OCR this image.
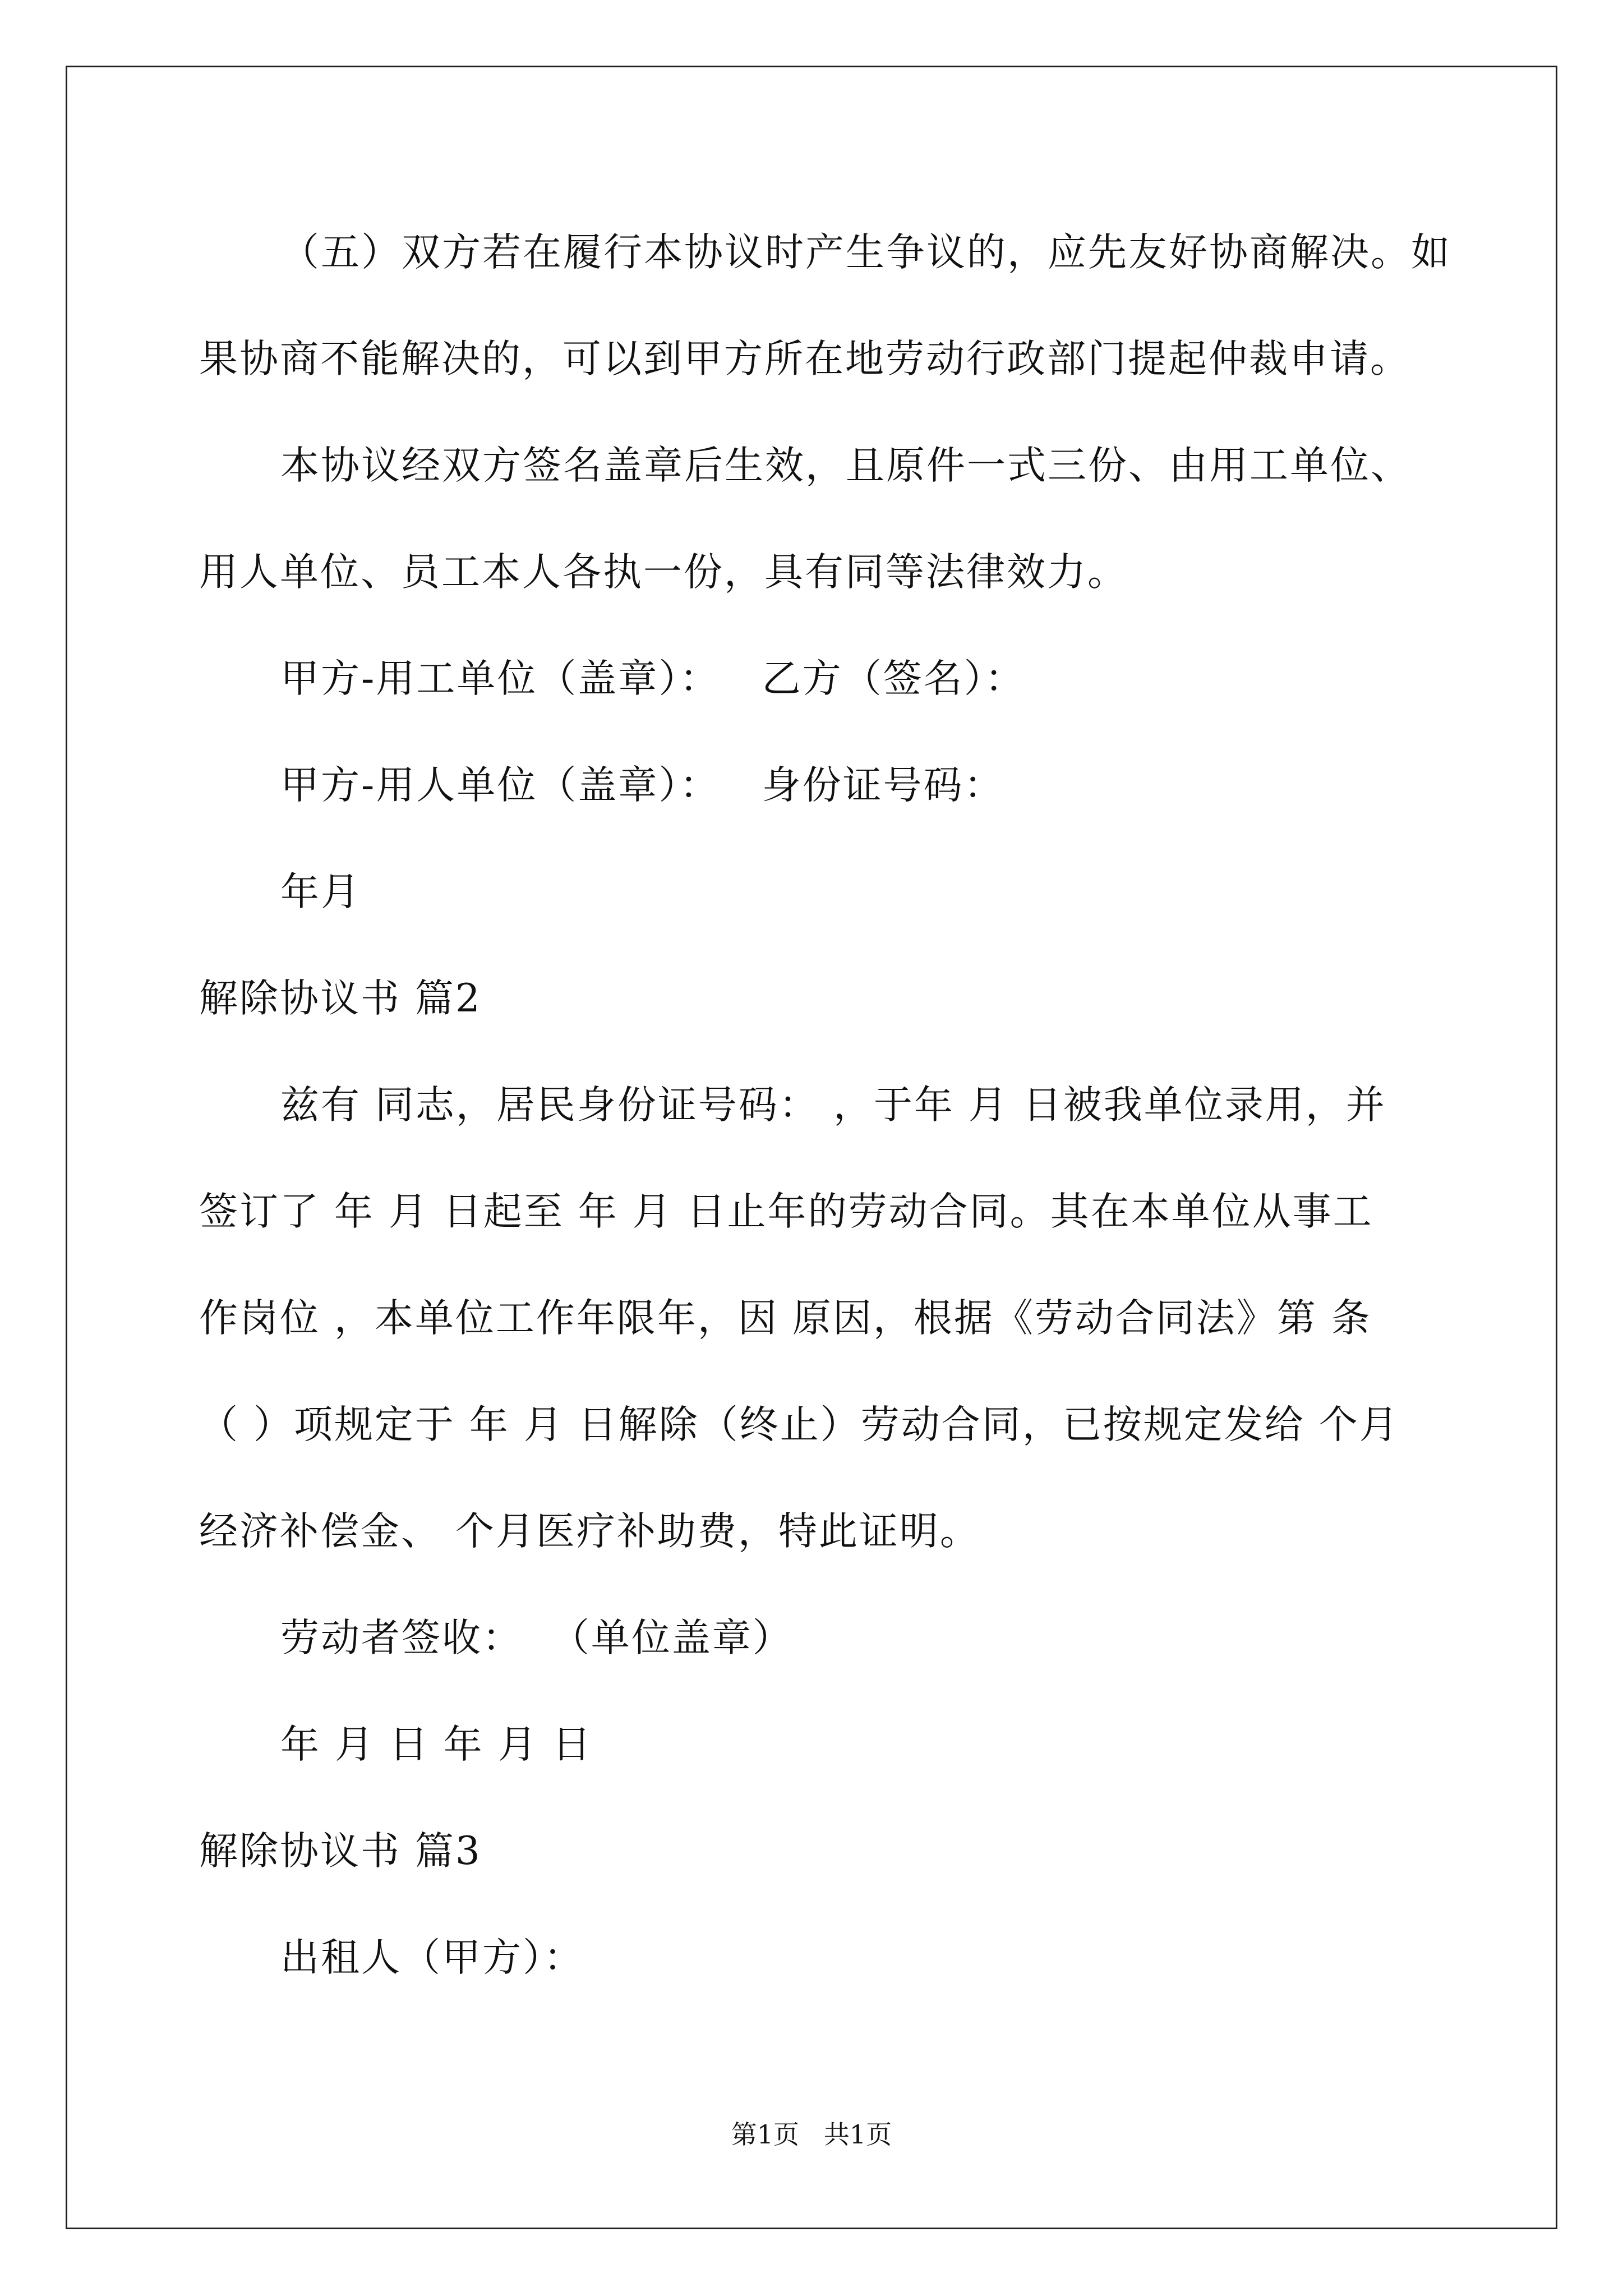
（五）双方若在履行本协议时产生争议的，应先友好协商解决。如
果协商不能解决的，可以到甲方所在地劳动行政部门提起仲裁申请。
本协议经双方签名盖章后生效，且原件一式三份、由用工单位、
用人单位、员工本人各执一份，具有同等法律效力。
甲方-用工单位（盖章）：   乙方（签名）：
甲方-用人单位（盖章）：   身份证号码：
年月
解除协议书 篇2
兹有 同志，居民身份证号码： ，于年 月 日被我单位录用，并
签订了 年 月 日起至 年 月 日止年的劳动合同。其在本单位从事工
作岗位 ，本单位工作年限年，因 原因，根据《劳动合同法》第 条
（ ）项规定于 年 月 日解除（终止）劳动合同，已按规定发给 个月
经济补偿金、 个月医疗补助费，特此证明。
劳动者签收：  （单位盖章）
年 月 日 年 月 日
解除协议书 篇3
出租人（甲方）：
第1页   共1页
